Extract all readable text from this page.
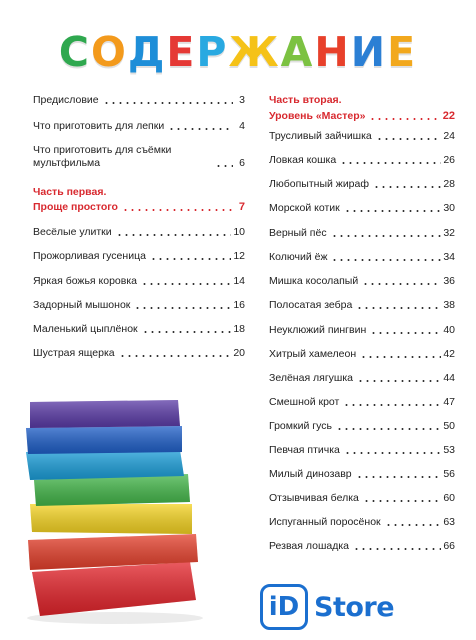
СОДЕРЖАНИЕ
Предисловие	3
Что приготовить для лепки	4
Что приготовить для съёмки мультфильма	6
Часть первая.
Проще простого	7
Весёлые улитки	10
Прожорливая гусеница	12
Яркая божья коровка	14
Задорный мышонок	16
Маленький цыплёнок	18
Шустрая ящерка	20
Часть вторая.
Уровень «Мастер»	22
Трусливый зайчишка	24
Ловкая кошка	26
Любопытный жираф	28
Морской котик	30
Верный пёс	32
Колючий ёж	34
Мишка косолапый	36
Полосатая зебра	38
Неуклюжий пингвин	40
Хитрый хамелеон	42
Зелёная лягушка	44
Смешной крот	47
Громкий гусь	50
Певчая птичка	53
Милый динозавр	56
Отзывчивая белка	60
Испуганный поросёнок	63
Резвая лошадка	66
iD Store
